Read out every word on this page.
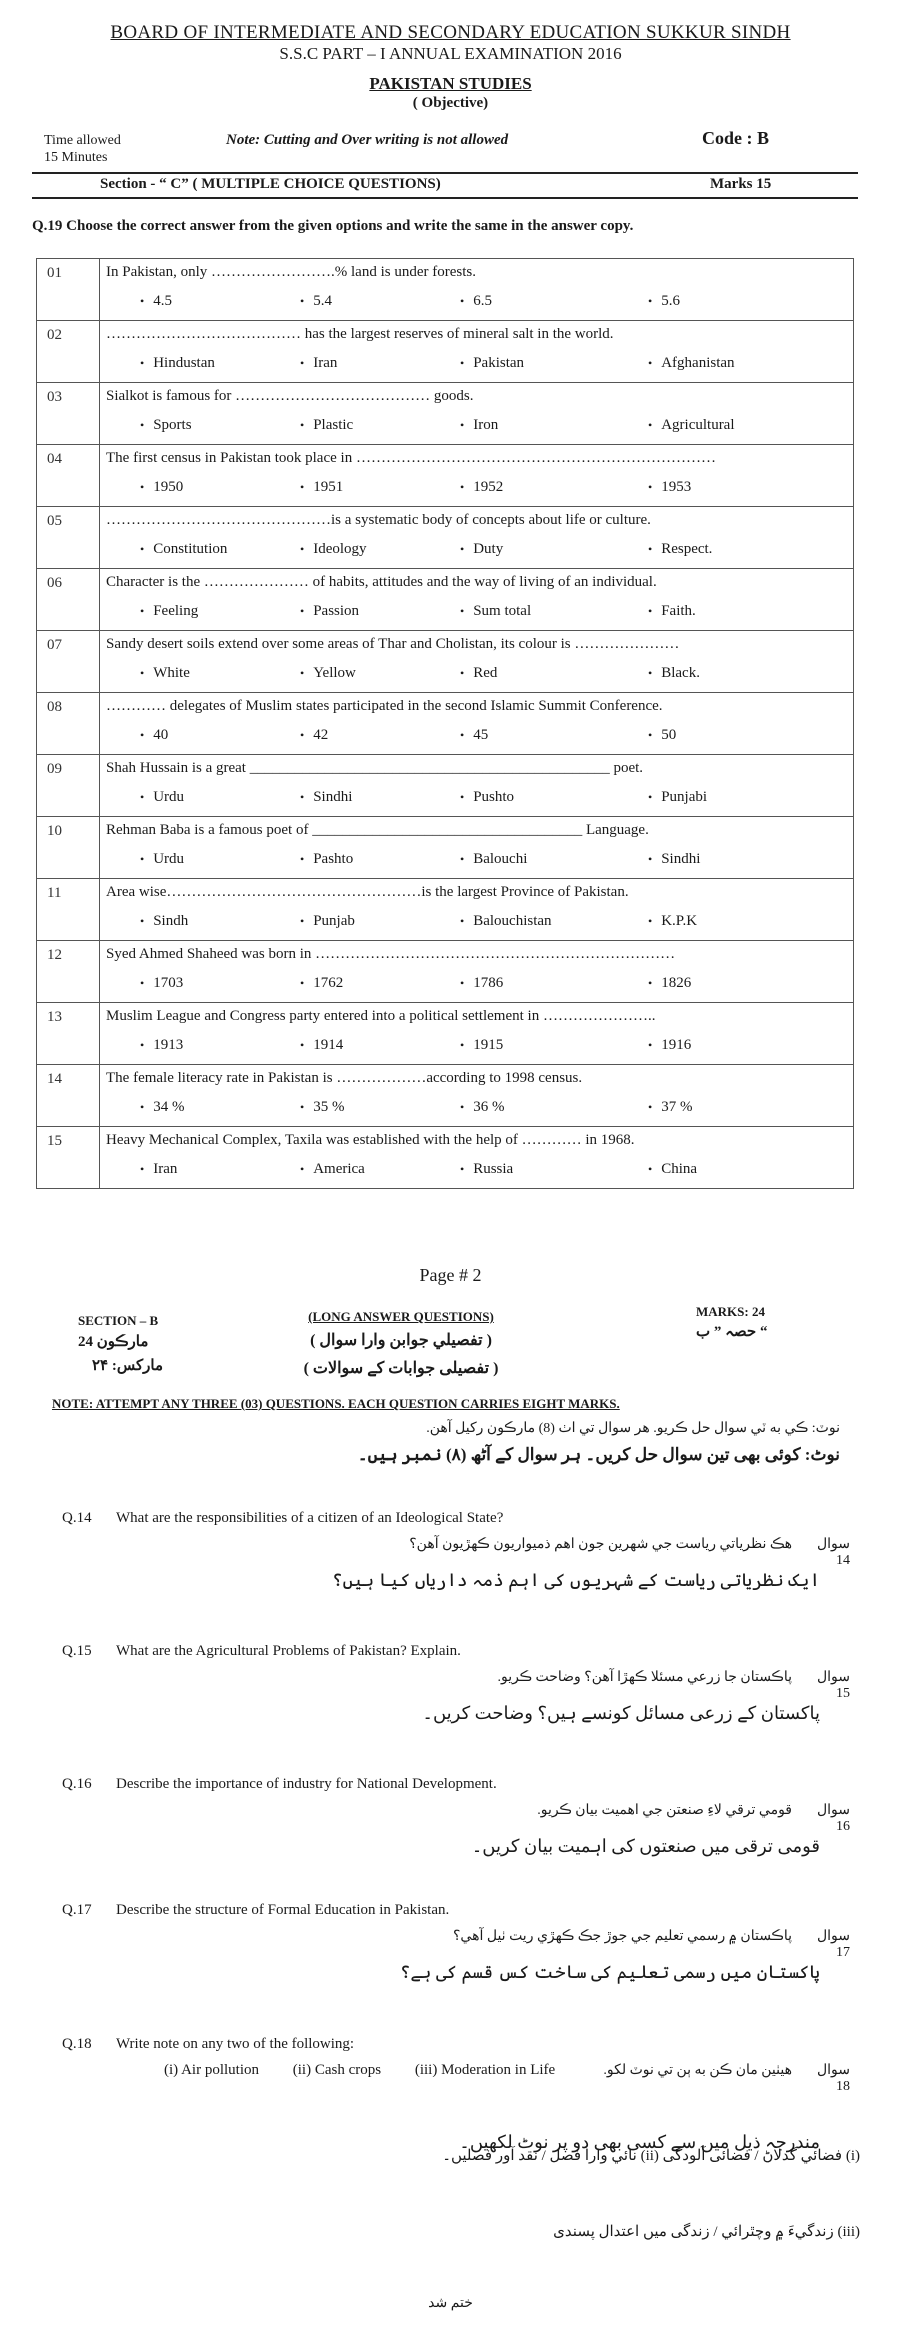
BOARD OF INTERMEDIATE AND SECONDARY EDUCATION SUKKUR SINDH
S.S.C PART – I ANNUAL EXAMINATION 2016
PAKISTAN STUDIES
( Objective)
Time allowed
15 Minutes
Note: Cutting and Over writing is not allowed	Code : B
Section - “ C” ( MULTIPLE CHOICE QUESTIONS)	Marks 15
Q.19 Choose the correct answer from the given options and write the same in the answer copy.
01	In Pakistan, only …………………….% land is under forests.

	• 4.5 • 5.4 • 6.5 • 5.6

02	………………………………… has the largest reserves of mineral salt in the world.

	• Hindustan • Iran • Pakistan • Afghanistan

03	Sialkot is famous for ………………………………… goods.

	• Sports • Plastic • Iron • Agricultural

04	The first census in Pakistan took place in ………………………………………………………………

	• 1950 • 1951 • 1952 • 1953

05	………………………………………is a systematic body of concepts about life or culture.

	• Constitution • Ideology • Duty • Respect.

06	Character is the ………………… of habits, attitudes and the way of living of an individual.

	• Feeling • Passion • Sum total • Faith.

07	Sandy desert soils extend over some areas of Thar and Cholistan, its colour is …………………

	• White • Yellow • Red • Black.

08	………… delegates of Muslim states participated in the second Islamic Summit Conference.

	• 40 • 42 • 45 • 50

09	Shah Hussain is a great ________________________________________________ poet.

	• Urdu • Sindhi • Pushto • Punjabi

10	Rehman Baba is a famous poet of ____________________________________ Language.

	• Urdu • Pashto • Balouchi • Sindhi

11	Area wise……………………………………………is the largest Province of Pakistan.

	• Sindh • Punjab • Balouchistan • K.P.K

12	Syed Ahmed Shaheed was born in ………………………………………………………………

	• 1703 • 1762 • 1786 • 1826

13	Muslim League and Congress party entered into a political settlement in …………………..

	• 1913 • 1914 • 1915 • 1916

14	The female literacy rate in Pakistan is ………………according to 1998 census.

	• 34 % • 35 % • 36 % • 37 %

15	Heavy Mechanical Complex, Taxila was established with the help of ………… in 1968.

	• Iran • America • Russia • China
Page # 2
SECTION – B
مارڪون 24
مارکس: ۲۴
(LONG ANSWER QUESTIONS)
( تفصيلي جوابن وارا سوال )
( تفصیلی جوابات کے سوالات )
MARKS: 24
حصہ ” ب “
NOTE: ATTEMPT ANY THREE (03) QUESTIONS. EACH QUESTION CARRIES EIGHT MARKS.
نوٽ: ڪي به ٽي سوال حل ڪريو. هر سوال تي اٺ (8) مارڪون رکيل آهن.
نوٹ: کوئی بھی تین سوال حل کریں۔ ہر سوال کے آٹھ (۸) نمبر ہیں۔
Q.14 What are the responsibilities of a citizen of an Ideological State?
سوال 14
هڪ نظرياتي رياست جي شهرين جون اهم ذميواريون ڪهڙيون آهن؟
ایک نظریاتی ریاست کے شہریوں کی اہم ذمہ داریاں کیا ہیں؟
Q.15 What are the Agricultural Problems of Pakistan? Explain.
سوال 15
پاڪستان جا زرعي مسئلا ڪهڙا آهن؟ وضاحت ڪريو.
پاکستان کے زرعی مسائل کونسے ہیں؟ وضاحت کریں۔
Q.16 Describe the importance of industry for National Development.
سوال 16
قومي ترقي لاءِ صنعتن جي اهميت بيان ڪريو.
قومی ترقی میں صنعتوں کی اہمیت بیان کریں۔
Q.17 Describe the structure of Formal Education in Pakistan.
سوال 17
پاڪستان ۾ رسمي تعليم جي جوڙ جڪ ڪهڙي ريت ٺيل آهي؟
پاکستان میں رسمی تعلیم کی ساخت کس قسم کی ہے؟
Q.18 Write note on any two of the following:
سوال 18
هيٺين مان ڪن به ٻن تي نوٽ لکو.
مندرجہ ذیل میں سے کسی بھی دو پر نوٹ لکھیں۔
(i) Air pollution (ii) Cash crops (iii) Moderation in Life
(i) فضائي گدلاڻ / فضائی آلودگی (ii) نائي وارا فصل / نقد آور فصلیں۔
(iii) زندگيءَ ۾ وچٿرائي / زندگی میں اعتدال پسندی
ختم شد
